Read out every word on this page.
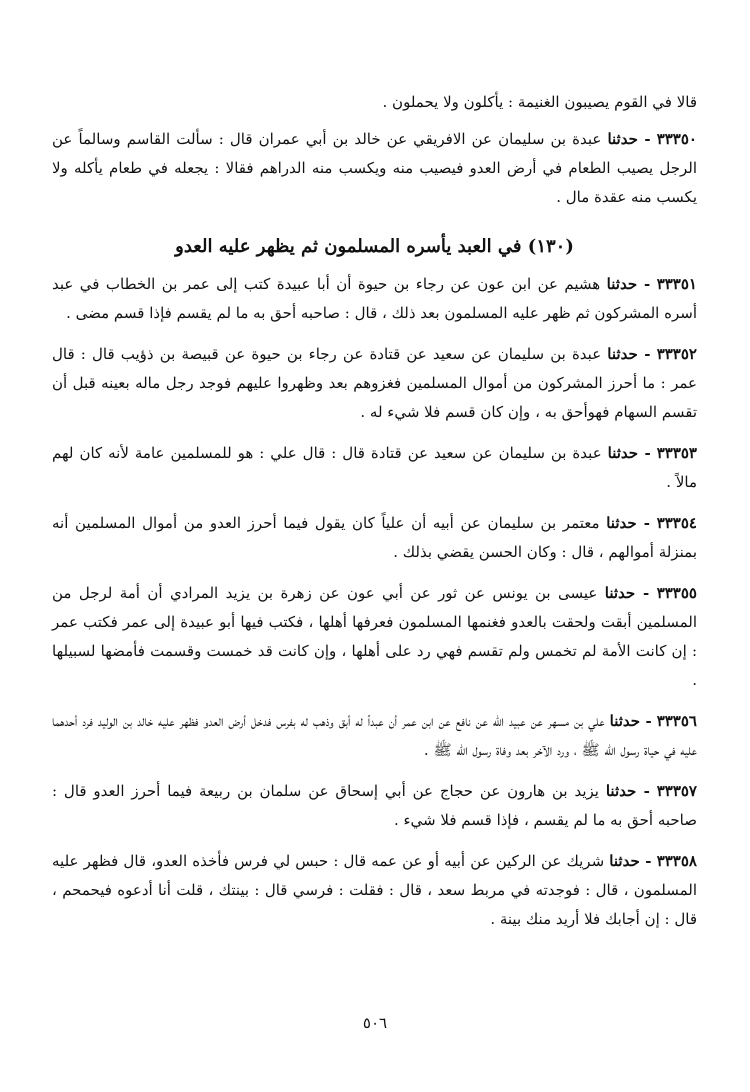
قالا في القوم يصيبون الغنيمة : يأكلون ولا يحملون .

٣٣٣٥٠ - حدثنا عبدة بن سليمان عن الافريقي عن خالد بن أبي عمران قال : سألت القاسم وسالماً عن الرجل يصيب الطعام في أرض العدو فيصيب منه ويكسب منه الدراهم فقالا : يجعله في طعام يأكله ولا يكسب منه عقدة مال .
(١٣٠) في العبد يأسره المسلمون ثم يظهر عليه العدو
٣٣٣٥١ - حدثنا هشيم عن ابن عون عن رجاء بن حيوة أن أبا عبيدة كتب إلى عمر بن الخطاب في عبد أسره المشركون ثم ظهر عليه المسلمون بعد ذلك ، قال : صاحبه أحق به ما لم يقسم فإذا قسم مضى .
٣٣٣٥٢ - حدثنا عبدة بن سليمان عن سعيد عن قتادة عن رجاء بن حيوة عن قبيصة بن ذؤيب قال : قال عمر : ما أحرز المشركون من أموال المسلمين فغزوهم بعد وظهروا عليهم فوجد رجل ماله بعينه قبل أن تقسم السهام فهوأحق به ، وإن كان قسم فلا شيء له .
٣٣٣٥٣ - حدثنا عبدة بن سليمان عن سعيد عن قتادة قال : قال علي : هو للمسلمين عامة لأنه كان لهم مالاً .
٣٣٣٥٤ - حدثنا معتمر بن سليمان عن أبيه أن علياً كان يقول فيما أحرز العدو من أموال المسلمين أنه بمنزلة أموالهم ، قال : وكان الحسن يقضي بذلك .
٣٣٣٥٥ - حدثنا عيسى بن يونس عن ثور عن أبي عون عن زهرة بن يزيد المرادي أن أمة لرجل من المسلمين أبقت ولحقت بالعدو فغنمها المسلمون فعرفها أهلها ، فكتب فيها أبو عبيدة إلى عمر فكتب عمر : إن كانت الأمة لم تخمس ولم تقسم فهي رد على أهلها ، وإن كانت قد خمست وقسمت فأمضها لسبيلها .
٣٣٣٥٦ - حدثنا علي بن مسهر عن عبيد الله عن نافع عن ابن عمر أن عبداً له أبق وذهب له بفرس فدخل أرض العدو فظهر عليه خالد بن الوليد فرد أحدهما عليه في حياة رسول الله ﷺ ، ورد الآخر بعد وفاة رسول الله ﷺ .
٣٣٣٥٧ - حدثنا يزيد بن هارون عن حجاج عن أبي إسحاق عن سلمان بن ربيعة فيما أحرز العدو قال : صاحبه أحق به ما لم يقسم ، فإذا قسم فلا شيء .
٣٣٣٥٨ - حدثنا شريك عن الركين عن أبيه أو عن عمه قال : حبس لي فرس فأخذه العدو، قال فظهر عليه المسلمون ، قال : فوجدته في مربط سعد ، قال : فقلت : فرسي قال : بينتك ، قلت أنا أدعوه فيحمحم ، قال : إن أجابك فلا أريد منك بينة .
٥٠٦
